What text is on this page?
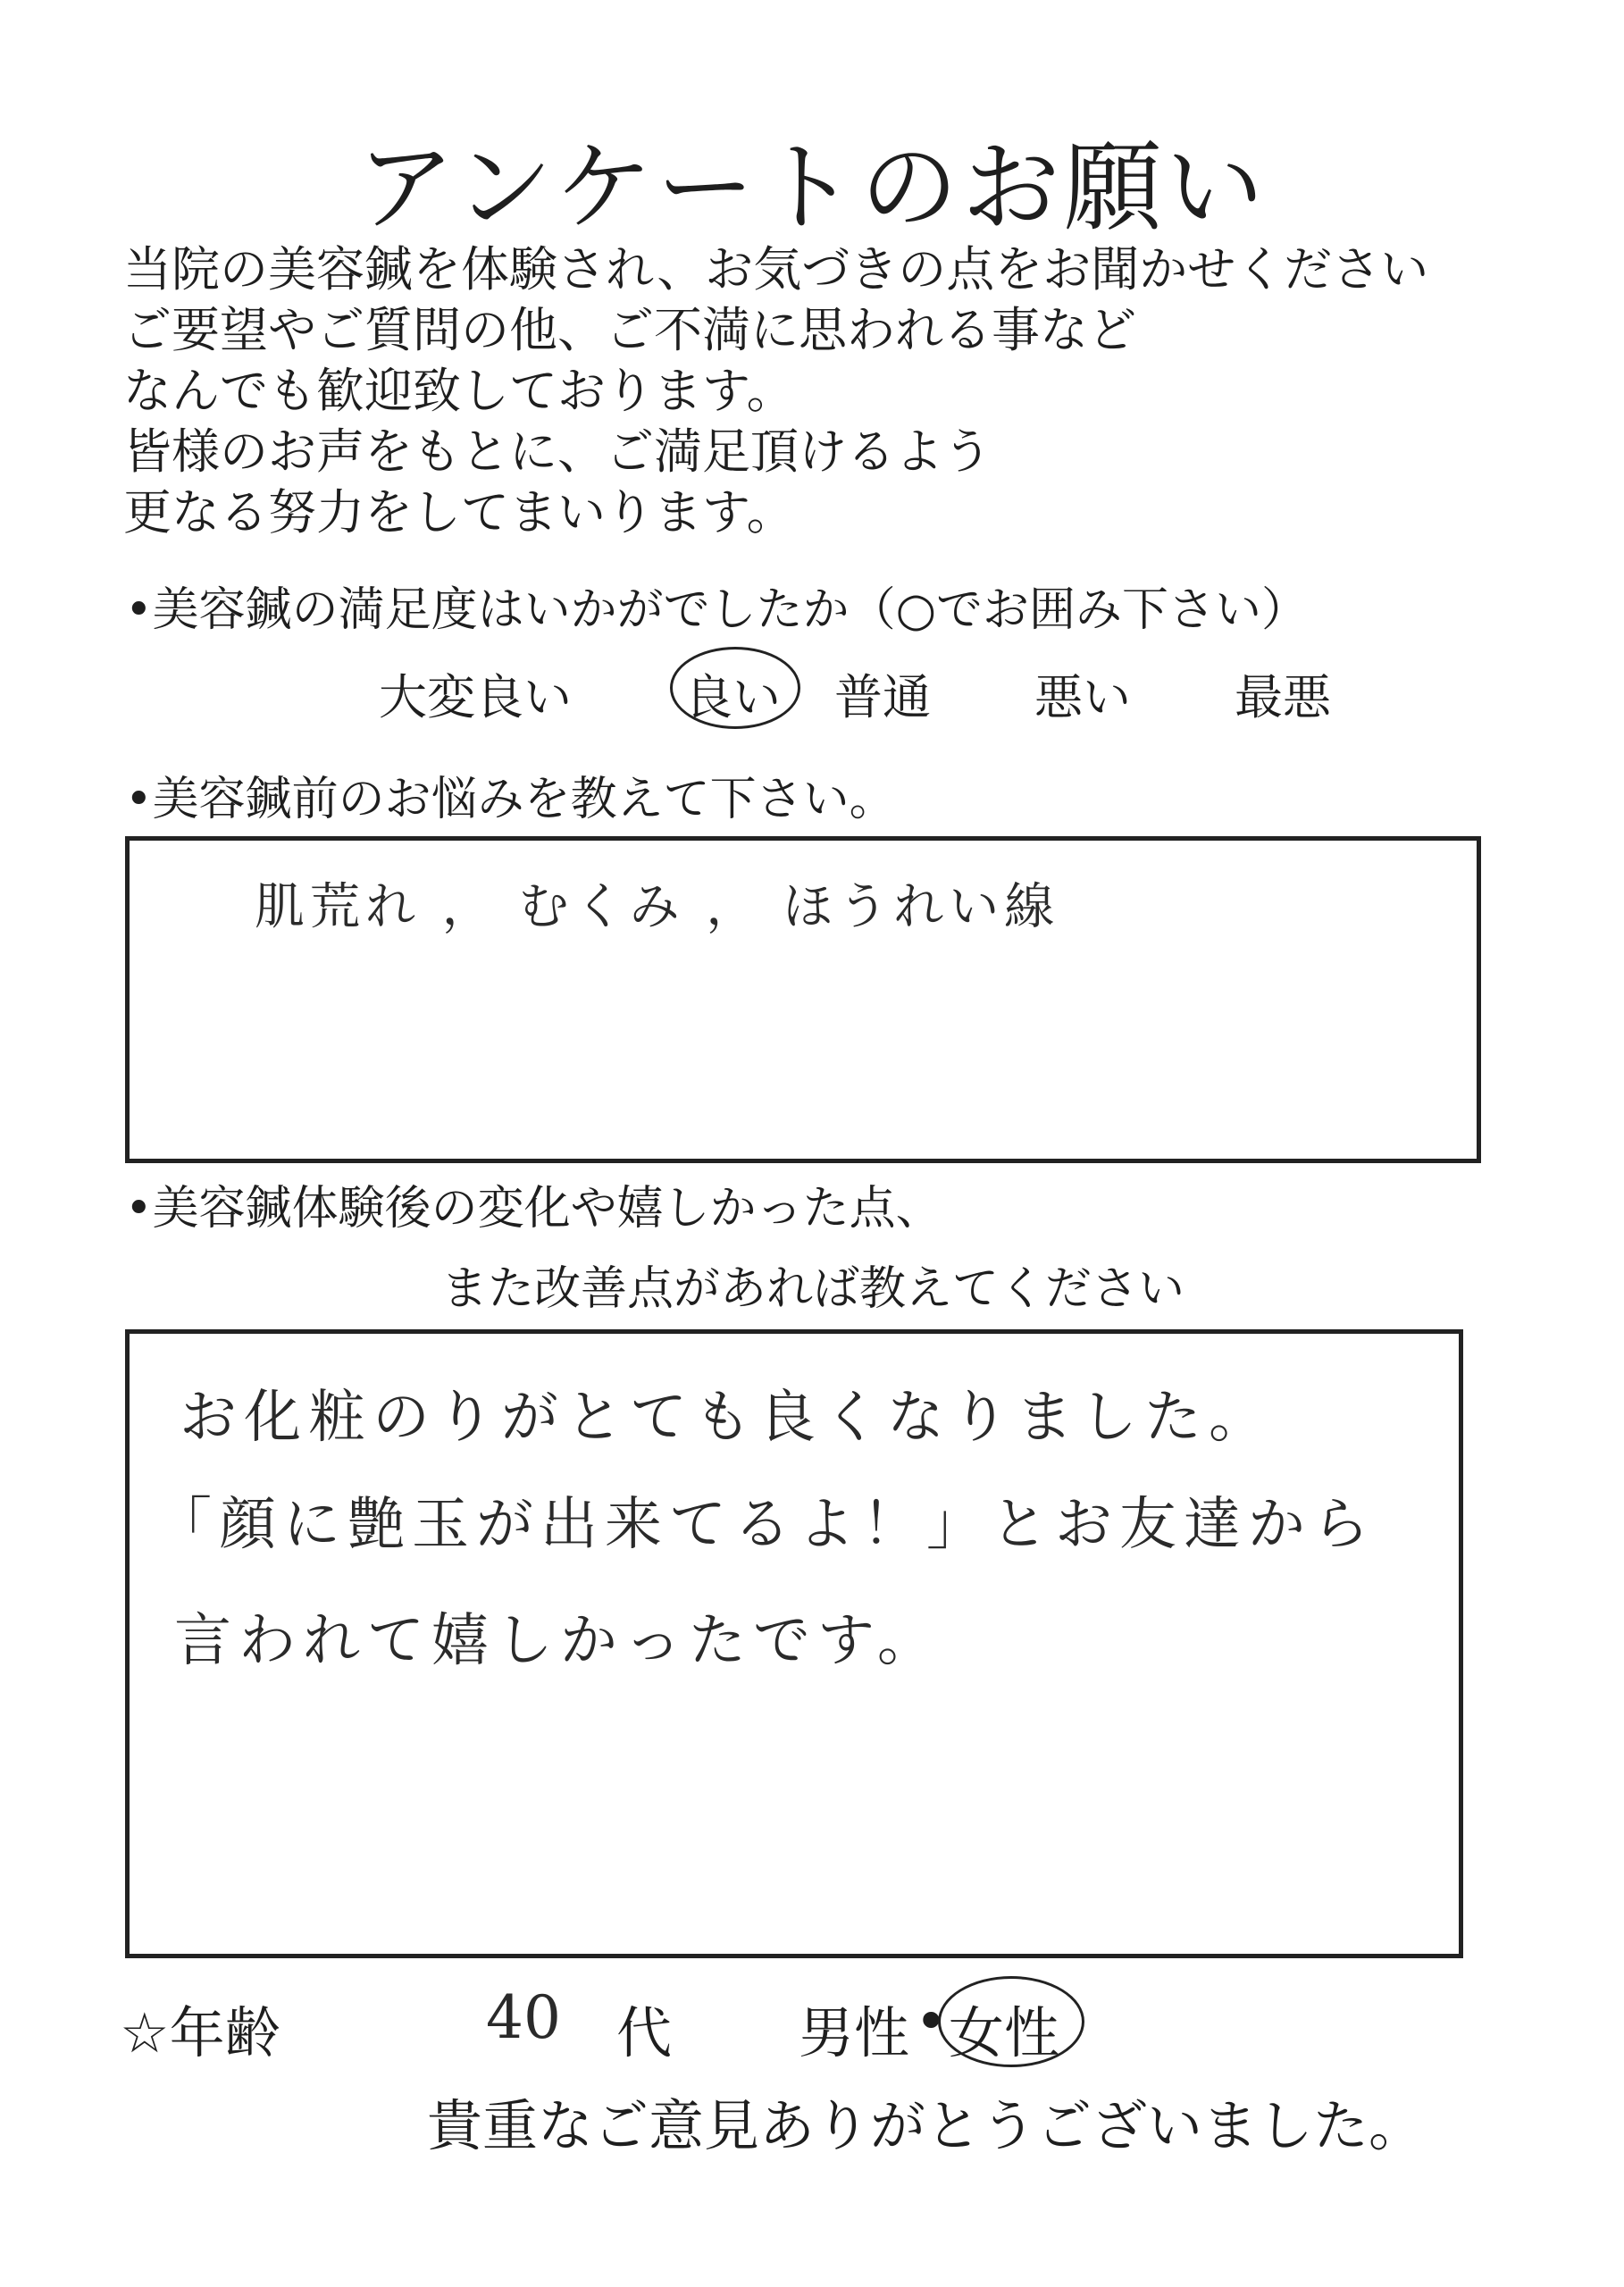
アンケートのお願い
当院の美容鍼を体験され、お気づきの点をお聞かせください
ご要望やご質問の他、ご不満に思われる事など
なんでも歓迎致しております。
皆様のお声をもとに、ご満足頂けるよう
更なる努力をしてまいります。
•美容鍼の満足度はいかがでしたか（○でお囲み下さい）
大変良い 良い 普通 悪い 最悪
•美容鍼前のお悩みを教えて下さい。
肌荒れ ， むくみ ， ほうれい線
•美容鍼体験後の変化や嬉しかった点、
また改善点があれば教えてください
お化粧のりがとても良くなりました。
「顔に艶玉が出来てるよ！」とお友達から
言われて嬉しかったです。
☆年齢	40 代 男性 • 女性
貴重なご意見ありがとうございました。
